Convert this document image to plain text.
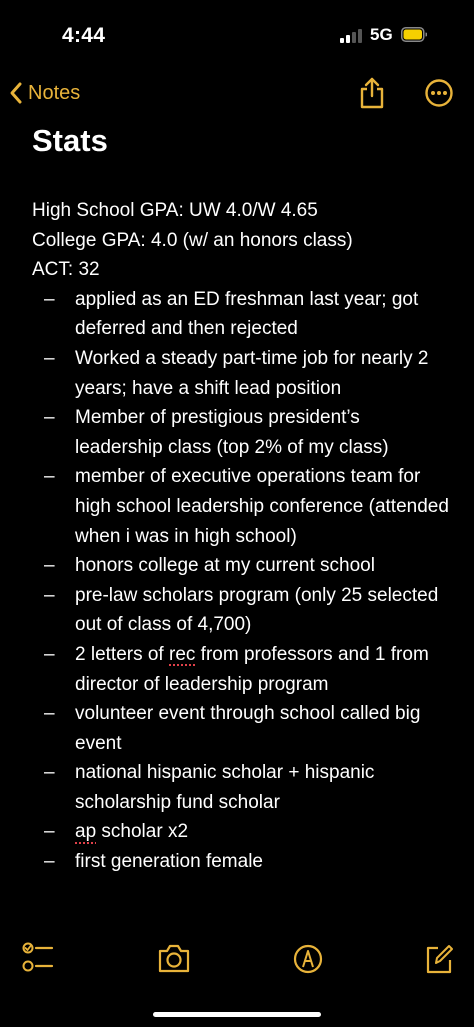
4:44	5G
Notes
Stats
High School GPA: UW 4.0/W 4.65
College GPA: 4.0 (w/ an honors class)
ACT: 32
– applied as an ED freshman last year; got deferred and then rejected
– Worked a steady part-time job for nearly 2 years; have a shift lead position
– Member of prestigious president’s leadership class (top 2% of my class)
– member of executive operations team for high school leadership conference (attended when i was in high school)
– honors college at my current school
– pre-law scholars program (only 25 selected out of class of 4,700)
– 2 letters of rec from professors and 1 from director of leadership program
– volunteer event through school called big event
– national hispanic scholar + hispanic scholarship fund scholar
– ap scholar x2
– first generation female
